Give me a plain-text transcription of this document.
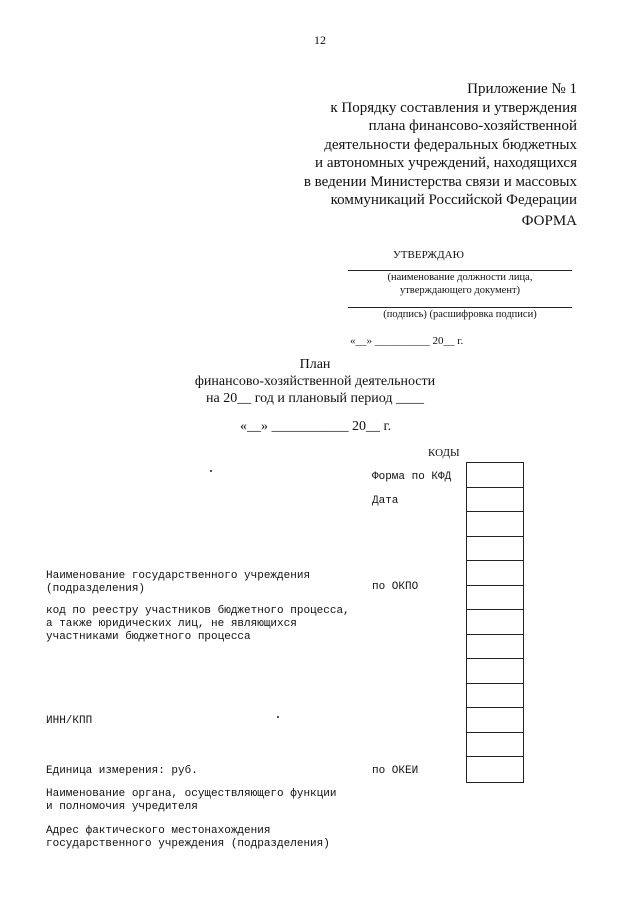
12
Приложение № 1
к Порядку составления и утверждения
плана финансово-хозяйственной
деятельности федеральных бюджетных
и автономных учреждений, находящихся
в ведении Министерства связи и массовых
коммуникаций Российской Федерации
ФОРМА
УТВЕРЖДАЮ
(наименование должности лица,
утверждающего документ)
(подпись) (расшифровка подписи)
«__» __________ 20__ г.
План
финансово-хозяйственной деятельности
на 20__ год и плановый период ____
«__» ___________ 20__ г.
КОДЫ
Форма по КФД
Дата
по ОКПО
по ОКЕИ
Наименование государственного учреждения
(подразделения)
код по реестру участников бюджетного процесса,
а также юридических лиц, не являющихся
участниками бюджетного процесса
ИНН/КПП
Единица измерения: руб.
Наименование органа, осуществляющего функции
и полномочия учредителя
Адрес фактического местонахождения
государственного учреждения (подразделения)
